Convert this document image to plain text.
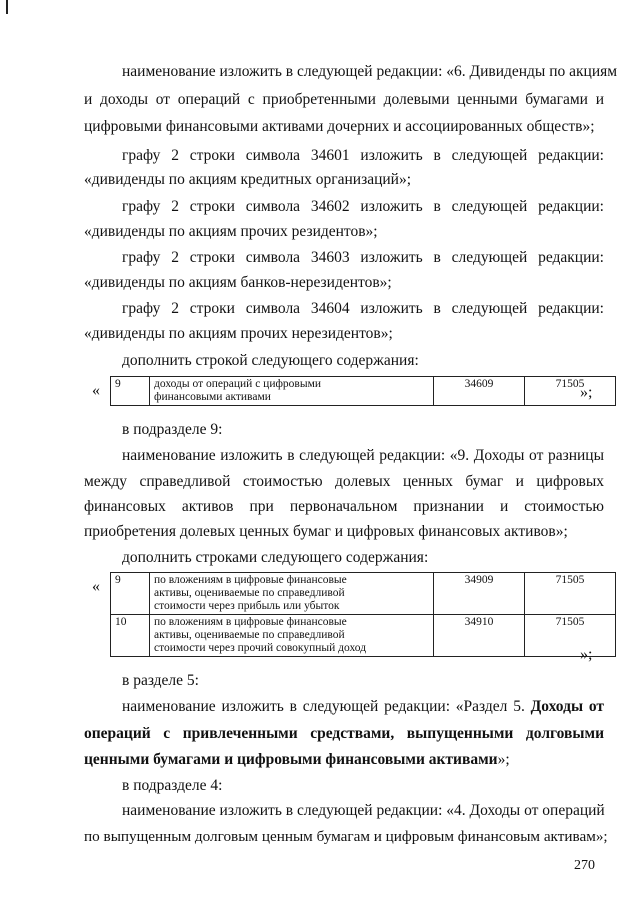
наименование изложить в следующей редакции: «6. Дивиденды по акциям
и доходы от операций с приобретенными долевыми ценными бумагами и
цифровыми финансовыми активами дочерних и ассоциированных обществ»;
графу 2 строки символа 34601 изложить в следующей редакции:
«дивиденды по акциям кредитных организаций»;
графу 2 строки символа 34602 изложить в следующей редакции:
«дивиденды по акциям прочих резидентов»;
графу 2 строки символа 34603 изложить в следующей редакции:
«дивиденды по акциям банков-нерезидентов»;
графу 2 строки символа 34604 изложить в следующей редакции:
«дивиденды по акциям прочих нерезидентов»;
дополнить строкой следующего содержания:
« 9	доходы от операций с цифровыми
финансовыми активами
	34609	71505
»;
в подразделе 9:
наименование изложить в следующей редакции: «9. Доходы от разницы
между справедливой стоимостью долевых ценных бумаг и цифровых
финансовых активов при первоначальном признании и стоимостью
приобретения долевых ценных бумаг и цифровых финансовых активов»;
дополнить строками следующего содержания:
« 9	по вложениям в цифровые финансовые
активы, оцениваемые по справедливой
стоимости через прибыль или убыток	34909	71505
10	по вложениям в цифровые финансовые
активы, оцениваемые по справедливой
стоимости через прочий совокупный доход	34910	71505
»;
в разделе 5:
наименование изложить в следующей редакции: «Раздел 5. Доходы от
операций с привлеченными средствами, выпущенными долговыми
ценными бумагами и цифровыми финансовыми активами»;
в подразделе 4:
наименование изложить в следующей редакции: «4. Доходы от операций
по выпущенным долговым ценным бумагам и цифровым финансовым активам»;
270
